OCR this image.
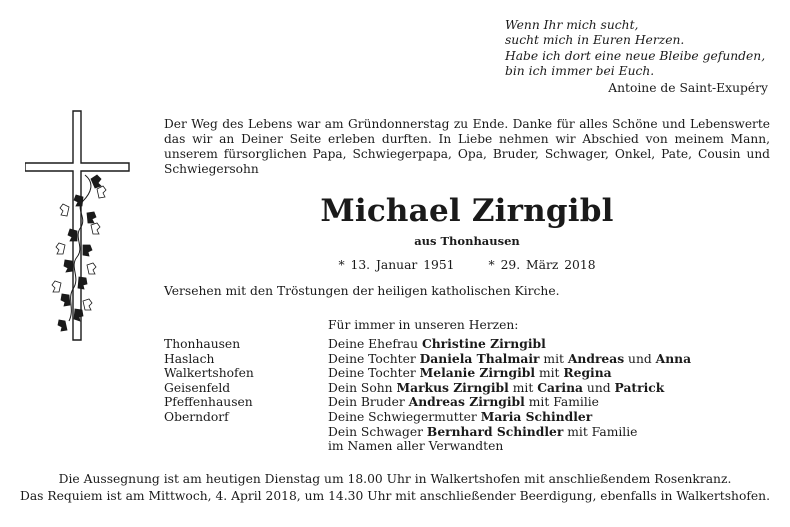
Wenn Ihr mich sucht,
sucht mich in Euren Herzen.
Habe ich dort eine neue Bleibe gefunden,
bin ich immer bei Euch.
Antoine de Saint-Exupéry
Der Weg des Lebens war am Gründonnerstag zu Ende. Danke für alles Schöne und Lebenswerte
das wir an Deiner Seite erleben durften. In Liebe nehmen wir Abschied von meinem Mann,
unserem fürsorglichen Papa, Schwiegerpapa, Opa, Bruder, Schwager, Onkel, Pate, Cousin und
Schwiegersohn
Michael Zirngibl
aus Thonhausen
* 13. Januar 1951	* 29. März 2018
Versehen mit den Tröstungen der heiligen katholischen Kirche.
Thonhausen
Haslach
Walkertshofen
Geisenfeld
Pfeffenhausen
Oberndorf
Für immer in unseren Herzen:
Deine Ehefrau Christine Zirngibl
Deine Tochter Daniela Thalmair mit Andreas und Anna
Deine Tochter Melanie Zirngibl mit Regina
Dein Sohn Markus Zirngibl mit Carina und Patrick
Dein Bruder Andreas Zirngibl mit Familie
Deine Schwiegermutter Maria Schindler
Dein Schwager Bernhard Schindler mit Familie
im Namen aller Verwandten
Die Aussegnung ist am heutigen Dienstag um 18.00 Uhr in Walkertshofen mit anschließendem Rosenkranz.
Das Requiem ist am Mittwoch, 4. April 2018, um 14.30 Uhr mit anschließender Beerdigung, ebenfalls in Walkertshofen.
